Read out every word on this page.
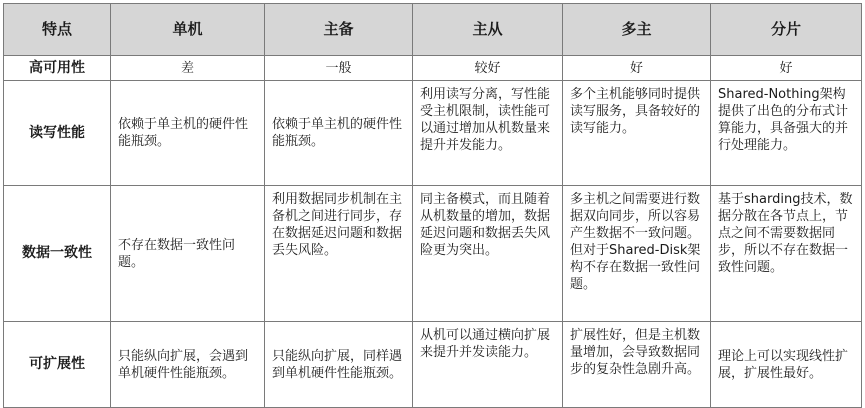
特点	单机	主备	主从	多主	分片
高可用性	差	一般	较好	好	好
读写性能	依赖于单主机的硬件性能瓶颈。	依赖于单主机的硬件性能瓶颈。	利用读写分离，写性能受主机限制，读性能可以通过增加从机数量来提升并发能力。	多个主机能够同时提供读写服务，具备较好的读写能力。	Shared-Nothing架构提供了出色的分布式计算能力，具备强大的并行处理能力。
数据一致性	不存在数据一致性问题。	利用数据同步机制在主备机之间进行同步，存在数据延迟问题和数据丢失风险。	同主备模式，而且随着从机数量的增加，数据延迟问题和数据丢失风险更为突出。	多主机之间需要进行数据双向同步，所以容易产生数据不一致问题。但对于Shared-Disk架构不存在数据一致性问题。	基于sharding技术，数据分散在各节点上，节点之间不需要数据同步，所以不存在数据一致性问题。
可扩展性	只能纵向扩展，会遇到单机硬件性能瓶颈。	只能纵向扩展，同样遇到单机硬件性能瓶颈。	从机可以通过横向扩展来提升并发读能力。	扩展性好，但是主机数量增加，会导致数据同步的复杂性急剧升高。	理论上可以实现线性扩展，扩展性最好。
